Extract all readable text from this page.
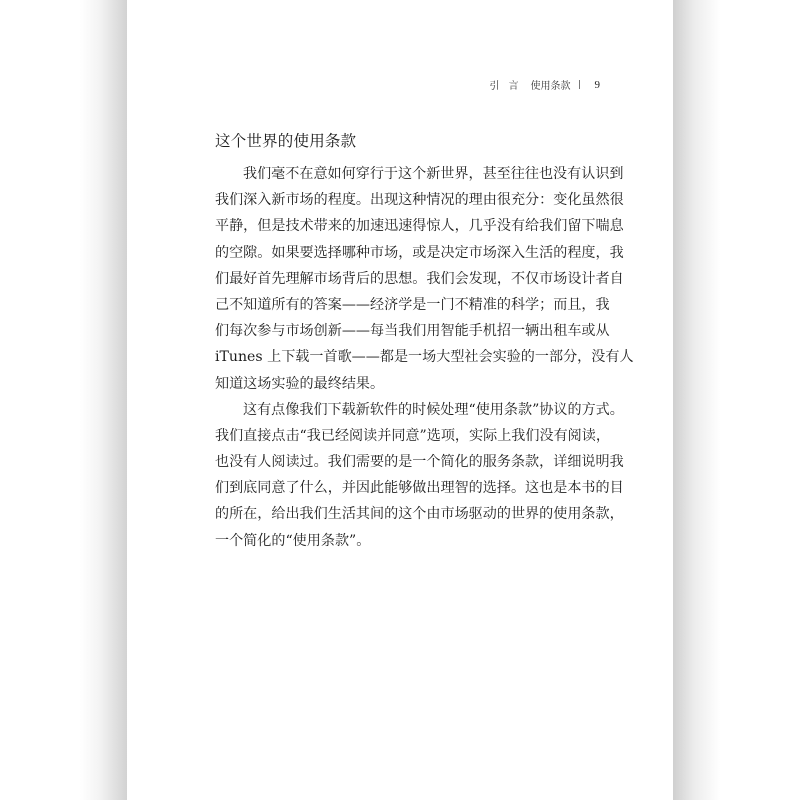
引 言 使用条款 9
这个世界的使用条款
我们毫不在意如何穿行于这个新世界，甚至往往也没有认识到
我们深入新市场的程度。出现这种情况的理由很充分：变化虽然很
平静，但是技术带来的加速迅速得惊人，几乎没有给我们留下喘息
的空隙。如果要选择哪种市场，或是决定市场深入生活的程度，我
们最好首先理解市场背后的思想。我们会发现，不仅市场设计者自
己不知道所有的答案——经济学是一门不精准的科学；而且，我
们每次参与市场创新——每当我们用智能手机招一辆出租车或从
iTunes 上下载一首歌——都是一场大型社会实验的一部分，没有人
知道这场实验的最终结果。
这有点像我们下载新软件的时候处理“使用条款”协议的方式。
我们直接点击“我已经阅读并同意”选项，实际上我们没有阅读，
也没有人阅读过。我们需要的是一个简化的服务条款，详细说明我
们到底同意了什么，并因此能够做出理智的选择。这也是本书的目
的所在，给出我们生活其间的这个由市场驱动的世界的使用条款，
一个简化的“使用条款”。
